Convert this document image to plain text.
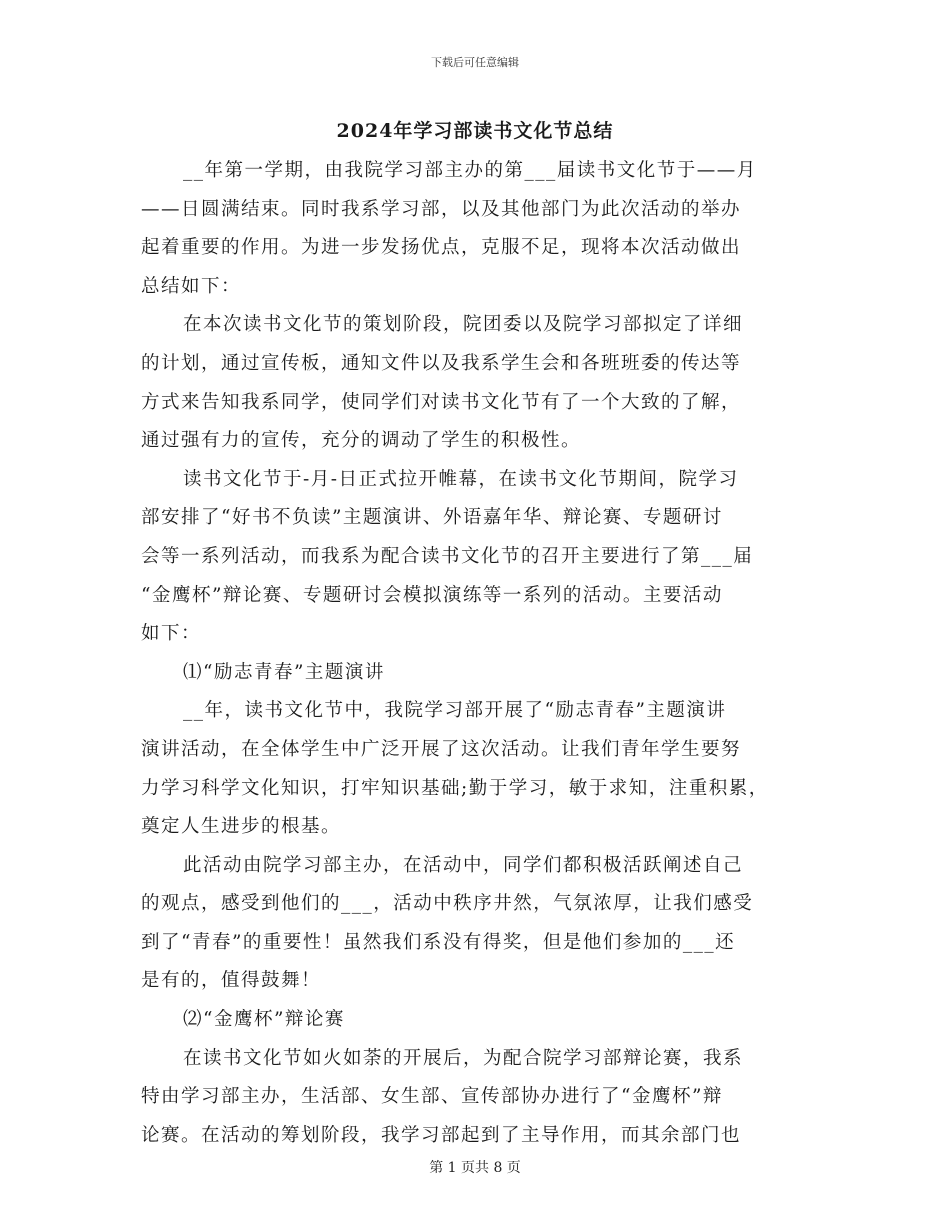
下载后可任意编辑
2024年学习部读书文化节总结
__年第一学期，由我院学习部主办的第___届读书文化节于——月
——日圆满结束。同时我系学习部，以及其他部门为此次活动的举办
起着重要的作用。为进一步发扬优点，克服不足，现将本次活动做出
总结如下：
在本次读书文化节的策划阶段，院团委以及院学习部拟定了详细
的计划，通过宣传板，通知文件以及我系学生会和各班班委的传达等
方式来告知我系同学，使同学们对读书文化节有了一个大致的了解，
通过强有力的宣传，充分的调动了学生的积极性。
读书文化节于-月-日正式拉开帷幕，在读书文化节期间，院学习
部安排了“好书不负读”主题演讲、外语嘉年华、辩论赛、专题研讨
会等一系列活动，而我系为配合读书文化节的召开主要进行了第___届
“金鹰杯”辩论赛、专题研讨会模拟演练等一系列的活动。主要活动
如下：
⑴“励志青春”主题演讲
__年，读书文化节中，我院学习部开展了“励志青春”主题演讲
演讲活动，在全体学生中广泛开展了这次活动。让我们青年学生要努
力学习科学文化知识，打牢知识基础;勤于学习，敏于求知，注重积累，
奠定人生进步的根基。
此活动由院学习部主办，在活动中，同学们都积极活跃阐述自己
的观点，感受到他们的___，活动中秩序井然，气氛浓厚，让我们感受
到了“青春”的重要性！虽然我们系没有得奖，但是他们参加的___还
是有的，值得鼓舞！
⑵“金鹰杯”辩论赛
在读书文化节如火如荼的开展后，为配合院学习部辩论赛，我系
特由学习部主办，生活部、女生部、宣传部协办进行了“金鹰杯”辩
论赛。在活动的筹划阶段，我学习部起到了主导作用，而其余部门也
第 1 页共 8 页
